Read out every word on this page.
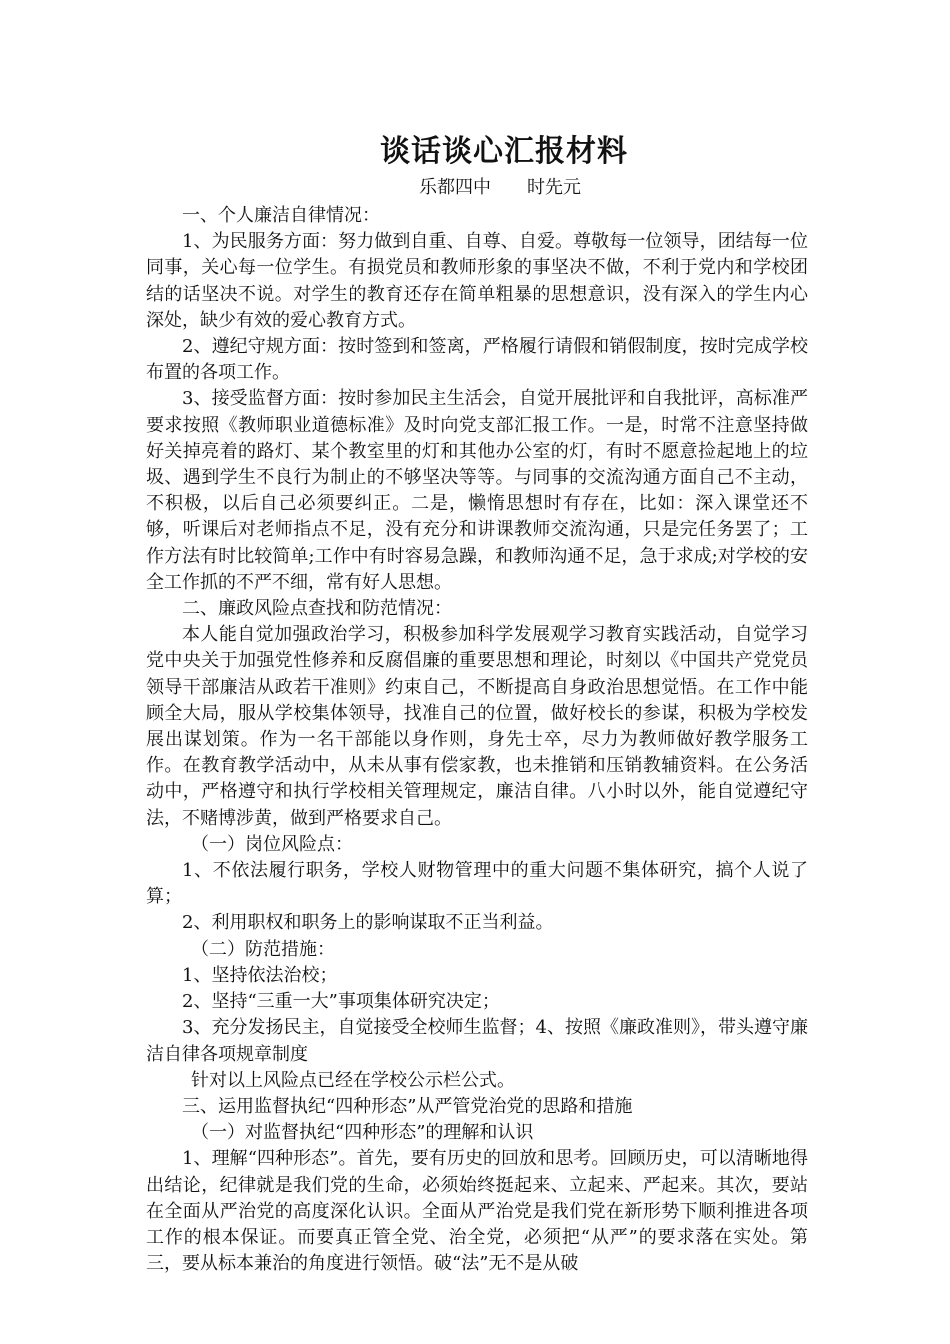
谈话谈心汇报材料
乐都四中　　时先元

一、个人廉洁自律情况：

1、为民服务方面：努力做到自重、自尊、自爱。尊敬每一位领导，团结每一位同事，关心每一位学生。有损党员和教师形象的事坚决不做，不利于党内和学校团结的话坚决不说。对学生的教育还存在简单粗暴的思想意识，没有深入的学生内心深处，缺少有效的爱心教育方式。

2、遵纪守规方面：按时签到和签离，严格履行请假和销假制度，按时完成学校布置的各项工作。

3、接受监督方面：按时参加民主生活会，自觉开展批评和自我批评，高标准严要求按照《教师职业道德标准》及时向党支部汇报工作。一是，时常不注意坚持做好关掉亮着的路灯、某个教室里的灯和其他办公室的灯，有时不愿意捡起地上的垃圾、遇到学生不良行为制止的不够坚决等等。与同事的交流沟通方面自己不主动，不积极，以后自己必须要纠正。二是，懒惰思想时有存在，比如：深入课堂还不够，听课后对老师指点不足，没有充分和讲课教师交流沟通，只是完任务罢了；工作方法有时比较简单;工作中有时容易急躁，和教师沟通不足，急于求成;对学校的安全工作抓的不严不细，常有好人思想。

二、廉政风险点查找和防范情况：

本人能自觉加强政治学习，积极参加科学发展观学习教育实践活动，自觉学习党中央关于加强党性修养和反腐倡廉的重要思想和理论，时刻以《中国共产党党员领导干部廉洁从政若干准则》约束自己，不断提高自身政治思想觉悟。在工作中能顾全大局，服从学校集体领导，找准自己的位置，做好校长的参谋，积极为学校发展出谋划策。作为一名干部能以身作则，身先士卒，尽力为教师做好教学服务工作。在教育教学活动中，从未从事有偿家教，也未推销和压销教辅资料。在公务活动中，严格遵守和执行学校相关管理规定，廉洁自律。八小时以外，能自觉遵纪守法，不赌博涉黄，做到严格要求自己。

（一）岗位风险点：

1、不依法履行职务，学校人财物管理中的重大问题不集体研究，搞个人说了算；

2、利用职权和职务上的影响谋取不正当利益。

（二）防范措施：

1、坚持依法治校；

2、坚持“三重一大”事项集体研究决定；

3、充分发扬民主，自觉接受全校师生监督；4、按照《廉政准则》，带头遵守廉洁自律各项规章制度

针对以上风险点已经在学校公示栏公式。

三、运用监督执纪“四种形态”从严管党治党的思路和措施

（一）对监督执纪“四种形态”的理解和认识

1、理解“四种形态”。首先，要有历史的回放和思考。回顾历史，可以清晰地得出结论，纪律就是我们党的生命，必须始终挺起来、立起来、严起来。其次，要站在全面从严治党的高度深化认识。全面从严治党是我们党在新形势下顺利推进各项工作的根本保证。而要真正管全党、治全党，必须把“从严”的要求落在实处。第三，要从标本兼治的角度进行领悟。破“法”无不是从破
